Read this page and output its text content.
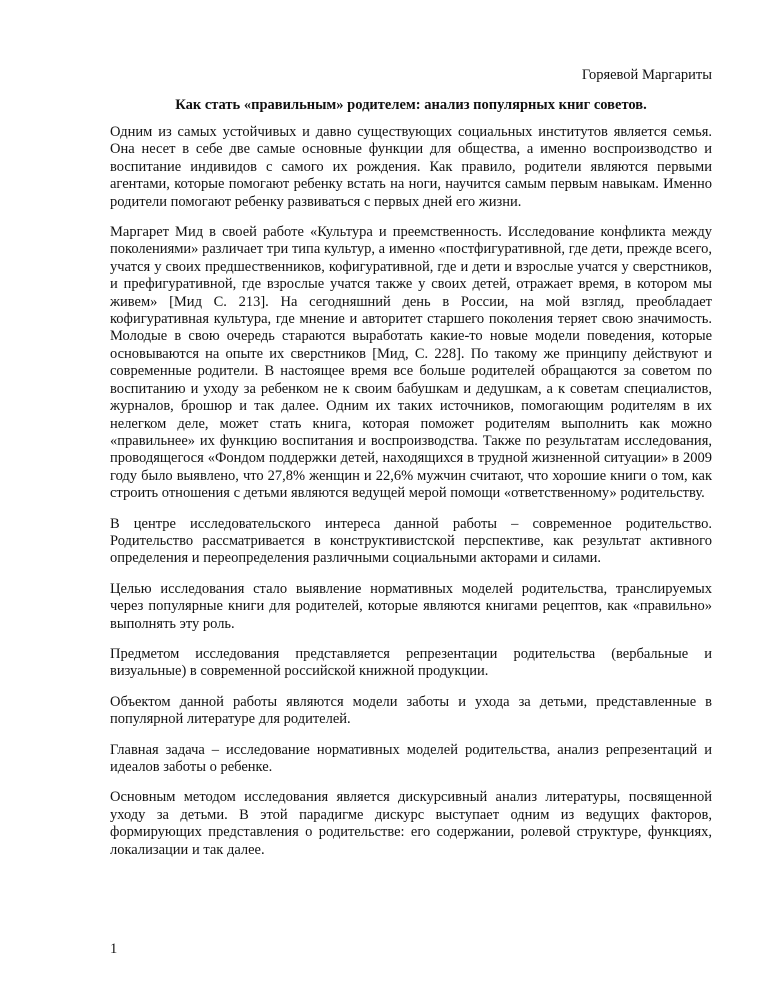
Горяевой Маргариты
Как стать «правильным» родителем: анализ популярных книг советов.

Одним из самых устойчивых и давно существующих социальных институтов является семья. Она несет в себе две самые основные функции для общества, а именно воспроизводство и воспитание индивидов с самого их рождения. Как правило, родители являются первыми агентами, которые помогают ребенку встать на ноги, научится самым первым навыкам. Именно родители помогают ребенку развиваться с первых дней его жизни.

Маргарет Мид в своей работе «Культура и преемственность. Исследование конфликта между поколениями» различает три типа культур, а именно «постфигуративной, где дети, прежде всего, учатся у своих предшественников, кофигуративной, где и дети и взрослые учатся у сверстников, и префигуративной, где взрослые учатся также у своих детей, отражает время, в котором мы живем» [Мид С. 213]. На сегодняшний день в России, на мой взгляд, преобладает кофигуративная культура, где мнение и авторитет старшего поколения теряет свою значимость. Молодые в свою очередь стараются выработать какие-то новые модели поведения, которые основываются на опыте их сверстников [Мид, С. 228]. По такому же принципу действуют и современные родители. В настоящее время все больше родителей обращаются за советом по воспитанию и уходу за ребенком не к своим бабушкам и дедушкам, а к советам специалистов, журналов, брошюр и так далее. Одним их таких источников, помогающим родителям в их нелегком деле, может стать книга, которая поможет родителям выполнить как можно «правильнее» их функцию воспитания и воспроизводства. Также по результатам исследования, проводящегося «Фондом поддержки детей, находящихся в трудной жизненной ситуации» в 2009 году было выявлено, что 27,8% женщин и 22,6% мужчин считают, что хорошие книги о том, как строить отношения с детьми являются ведущей мерой помощи «ответственному» родительству.

В центре исследовательского интереса данной работы – современное родительство. Родительство рассматривается в конструктивистской перспективе, как результат активного определения и переопределения различными социальными акторами и силами.

Целью исследования стало выявление нормативных моделей родительства, транслируемых через популярные книги для родителей, которые являются книгами рецептов, как «правильно» выполнять эту роль.

Предметом исследования представляется репрезентации родительства (вербальные и визуальные) в современной российской книжной продукции.

Объектом данной работы являются модели заботы и ухода за детьми, представленные в популярной литературе для родителей.

Главная задача – исследование нормативных моделей родительства, анализ репрезентаций и идеалов заботы о ребенке.

Основным методом исследования является дискурсивный анализ литературы, посвященной уходу за детьми. В этой парадигме дискурс выступает одним из ведущих факторов, формирующих представления о родительстве: его содержании, ролевой структуре, функциях, локализации и так далее.

1
